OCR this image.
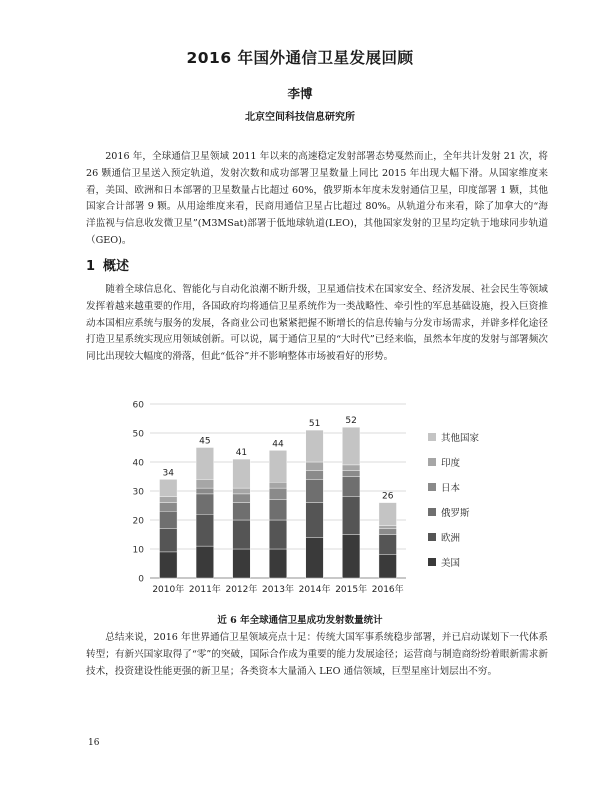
2016 年国外通信卫星发展回顾
李博
北京空间科技信息研究所

2016 年，全球通信卫星领域 2011 年以来的高速稳定发射部署态势戛然而止，全年共计发射 21 次，将 26 颗通信卫星送入预定轨道，发射次数和成功部署卫星数量上同比 2015 年出现大幅下滑。从国家维度来看，美国、欧洲和日本部署的卫星数量占比超过 60%，俄罗斯本年度未发射通信卫星，印度部署 1 颗，其他国家合计部署 9 颗。从用途维度来看，民商用通信卫星占比超过 80%。从轨道分布来看，除了加拿大的“海洋监视与信息收发微卫星”(M3MSat)部署于低地球轨道(LEO)，其他国家发射的卫星均定轨于地球同步轨道（GEO)。

1 概述

随着全球信息化、智能化与自动化浪潮不断升级，卫星通信技术在国家安全、经济发展、社会民生等领域发挥着越来越重要的作用，各国政府均将通信卫星系统作为一类战略性、牵引性的军息基础设施，投入巨资推动本国相应系统与服务的发展，各商业公司也紧紧把握不断增长的信息传输与分发市场需求，并辟多样化途径打造卫星系统实现应用领域创新。可以说，属于通信卫星的“大时代”已经来临，虽然本年度的发射与部署频次同比出现较大幅度的滑落，但此“低谷”并不影响整体市场被看好的形势。

0
10
20
30
40
50
60
34
2010年
45
2011年
41
2012年
44
2013年
51
2014年
52
2015年
26
2016年
其他国家
印度
日本
俄罗斯
欧洲
美国
近 6 年全球通信卫星成功发射数量统计

总结来说，2016 年世界通信卫星领域亮点十足：传统大国军事系统稳步部署，并已启动谋划下一代体系转型；有新兴国家取得了“零”的突破，国际合作成为重要的能力发展途径；运营商与制造商纷纷着眼新需求新技术，投资建设性能更强的新卫星；各类资本大量涌入 LEO 通信领域，巨型星座计划层出不穷。

16
